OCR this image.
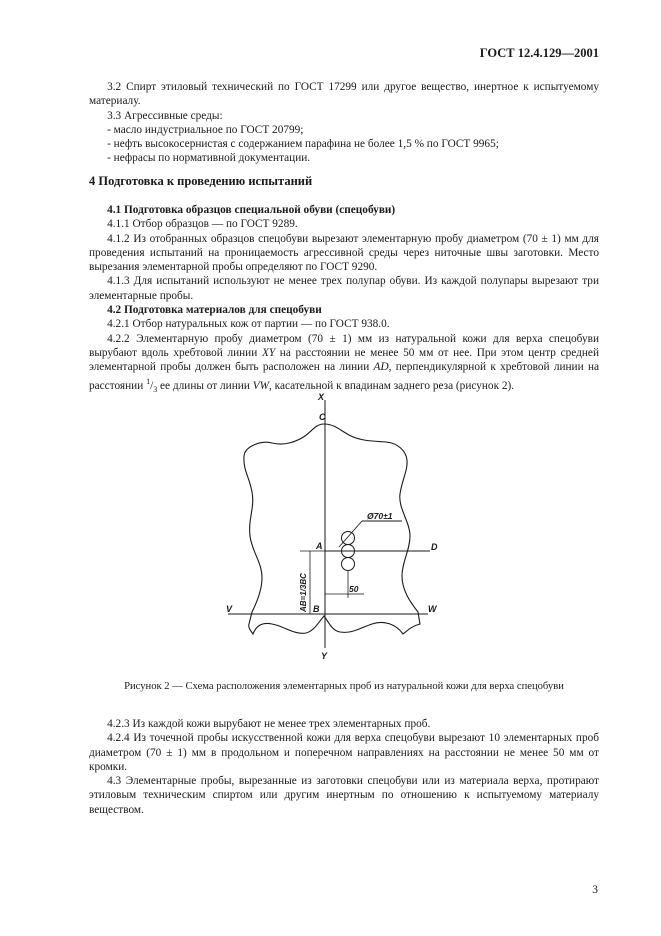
ГОСТ 12.4.129—2001

3.2 Спирт этиловый технический по ГОСТ 17299 или другое вещество, инертное к испытуемому материалу.

3.3 Агрессивные среды:

- масло индустриальное по ГОСТ 20799;

- нефть высокосернистая с содержанием парафина не более 1,5 % по ГОСТ 9965;

- нефрасы по нормативной документации.

4 Подготовка к проведению испытаний

4.1 Подготовка образцов специальной обуви (спецобуви)

4.1.1 Отбор образцов — по ГОСТ 9289.

4.1.2 Из отобранных образцов спецобуви вырезают элементарную пробу диаметром (70 ± 1) мм для проведения испытаний на проницаемость агрессивной среды через ниточные швы заготовки. Место вырезания элементарной пробы определяют по ГОСТ 9290.

4.1.3 Для испытаний используют не менее трех полупар обуви. Из каждой полупары вырезают три элементарные пробы.

4.2 Подготовка материалов для спецобуви

4.2.1 Отбор натуральных кож от партии — по ГОСТ 938.0.

4.2.2 Элементарную пробу диаметром (70 ± 1) мм из натуральной кожи для верха спецобуви вырубают вдоль хребтовой линии XY на расстоянии не менее 50 мм от нее. При этом центр средней элементарной пробы должен быть расположен на линии AD, перпендикулярной к хребтовой линии на расстоянии $^1/_3$ ее длины от линии VW, касательной к впадинам заднего реза (рисунок 2).

X
C
A	D
V	B	W
Y
Ø70±1
50
AB=1/3BC
Рисунок 2 — Схема расположения элементарных проб из натуральной кожи для верха спецобуви

4.2.3 Из каждой кожи вырубают не менее трех элементарных проб.

4.2.4 Из точечной пробы искусственной кожи для верха спецобуви вырезают 10 элементарных проб диаметром (70 ± 1) мм в продольном и поперечном направлениях на расстоянии не менее 50 мм от кромки.

4.3 Элементарные пробы, вырезанные из заготовки спецобуви или из материала верха, протирают этиловым техническим спиртом или другим инертным по отношению к испытуемому материалу веществом.

3
